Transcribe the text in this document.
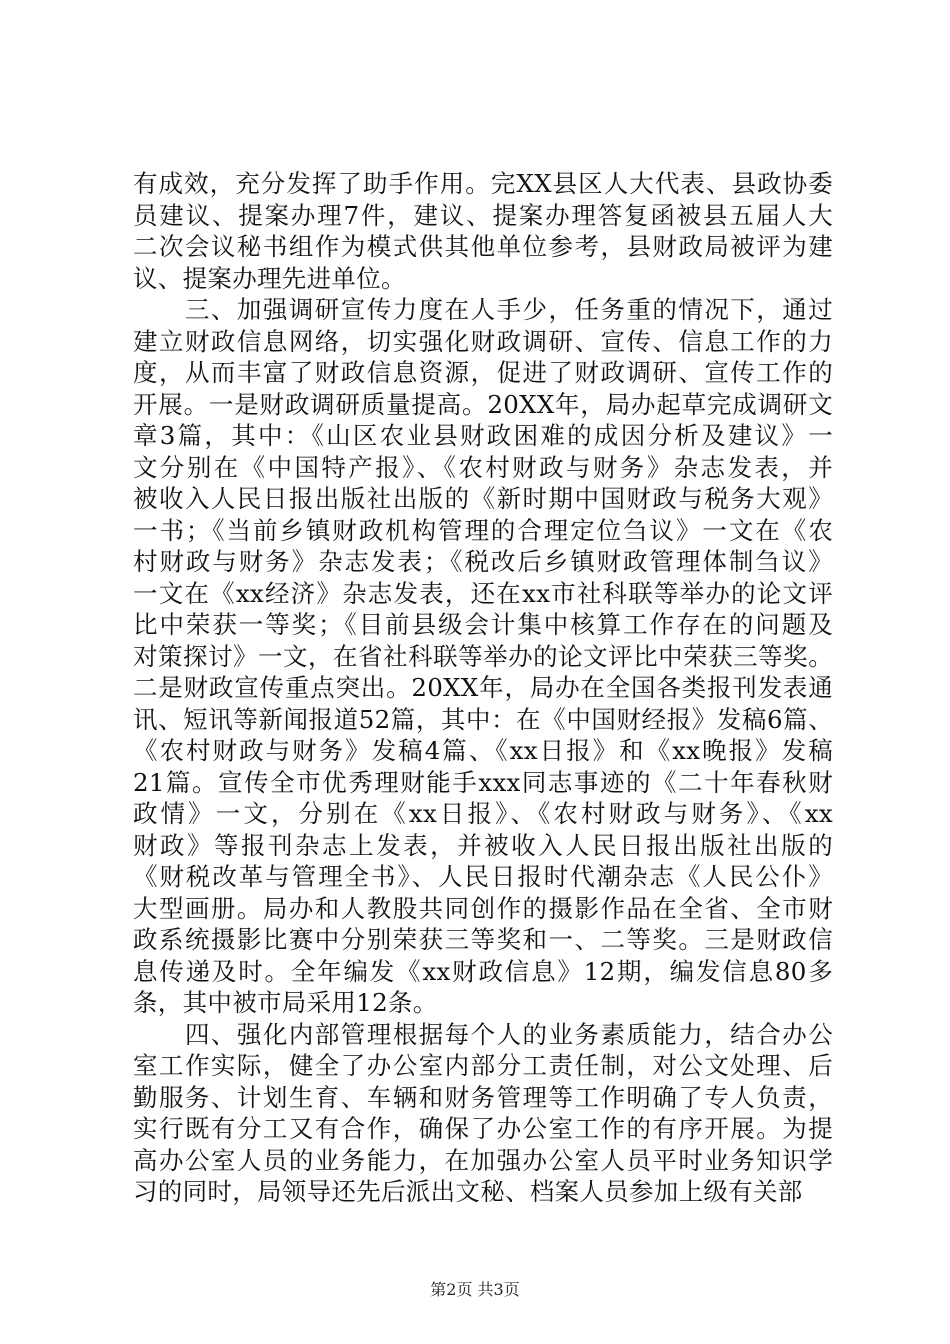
有成效，充分发挥了助手作用。完XX县区人大代表、县政协委
员建议、提案办理7件，建议、提案办理答复函被县五届人大
二次会议秘书组作为模式供其他单位参考，县财政局被评为建
议、提案办理先进单位。
　　三、加强调研宣传力度在人手少，任务重的情况下，通过
建立财政信息网络，切实强化财政调研、宣传、信息工作的力
度，从而丰富了财政信息资源，促进了财政调研、宣传工作的
开展。一是财政调研质量提高。20XX年，局办起草完成调研文
章3篇，其中：《山区农业县财政困难的成因分析及建议》一
文分别在《中国特产报》、《农村财政与财务》杂志发表，并
被收入人民日报出版社出版的《新时期中国财政与税务大观》
一书；《当前乡镇财政机构管理的合理定位刍议》一文在《农
村财政与财务》杂志发表；《税改后乡镇财政管理体制刍议》
一文在《xx经济》杂志发表，还在xx市社科联等举办的论文评
比中荣获一等奖；《目前县级会计集中核算工作存在的问题及
对策探讨》一文，在省社科联等举办的论文评比中荣获三等奖。
二是财政宣传重点突出。20XX年，局办在全国各类报刊发表通
讯、短讯等新闻报道52篇，其中：在《中国财经报》发稿6篇、
《农村财政与财务》发稿4篇、《xx日报》和《xx晚报》发稿
21篇。宣传全市优秀理财能手xxx同志事迹的《二十年春秋财
政情》一文，分别在《xx日报》、《农村财政与财务》、《xx
财政》等报刊杂志上发表，并被收入人民日报出版社出版的
《财税改革与管理全书》、人民日报时代潮杂志《人民公仆》
大型画册。局办和人教股共同创作的摄影作品在全省、全市财
政系统摄影比赛中分别荣获三等奖和一、二等奖。三是财政信
息传递及时。全年编发《xx财政信息》12期，编发信息80多
条，其中被市局采用12条。
　　四、强化内部管理根据每个人的业务素质能力，结合办公
室工作实际，健全了办公室内部分工责任制，对公文处理、后
勤服务、计划生育、车辆和财务管理等工作明确了专人负责，
实行既有分工又有合作，确保了办公室工作的有序开展。为提
高办公室人员的业务能力，在加强办公室人员平时业务知识学
习的同时，局领导还先后派出文秘、档案人员参加上级有关部
第2页 共3页
